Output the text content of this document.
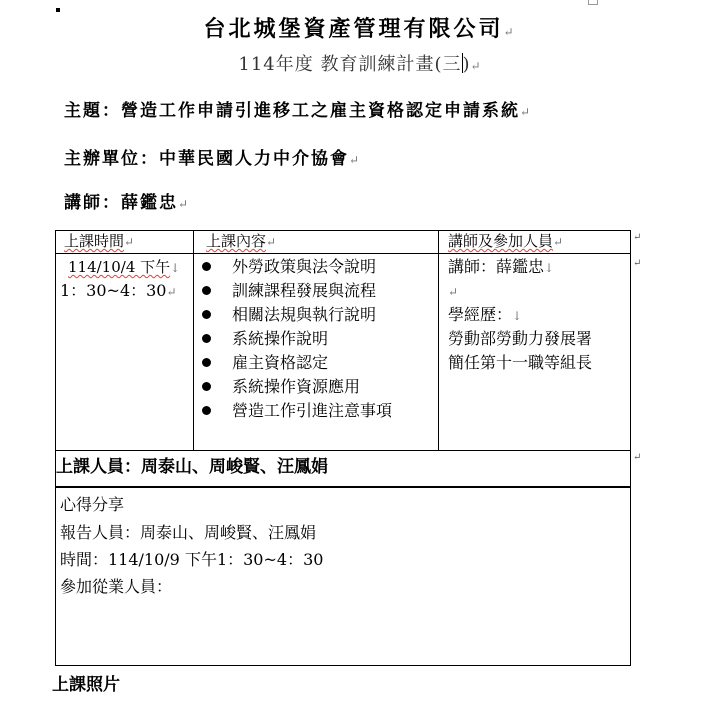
台北城堡資產管理有限公司↵
114年度 教育訓練計畫(三)↵
主題：營造工作申請引進移工之雇主資格認定申請系統↵
主辦單位：中華民國人力中介協會↵
講師：薛鑑忠↵
上課時間↵	上課內容↵	講師及參加人員↵
114/10/4 下午↓
1：30~4：30↵
外勞政策與法令說明
訓練課程發展與流程
相關法規與執行說明
系統操作說明
雇主資格認定
系統操作資源應用
營造工作引進注意事項
講師：薛鑑忠↓
↵
學經歷：↓
勞動部勞動力發展署
簡任第十一職等組長
上課人員：周泰山、周峻賢、汪鳳娟
心得分享
報告人員：周泰山、周峻賢、汪鳳娟
時間：114/10/9 下午1：30~4：30
參加從業人員：
↵
↵
↵
上課照片
